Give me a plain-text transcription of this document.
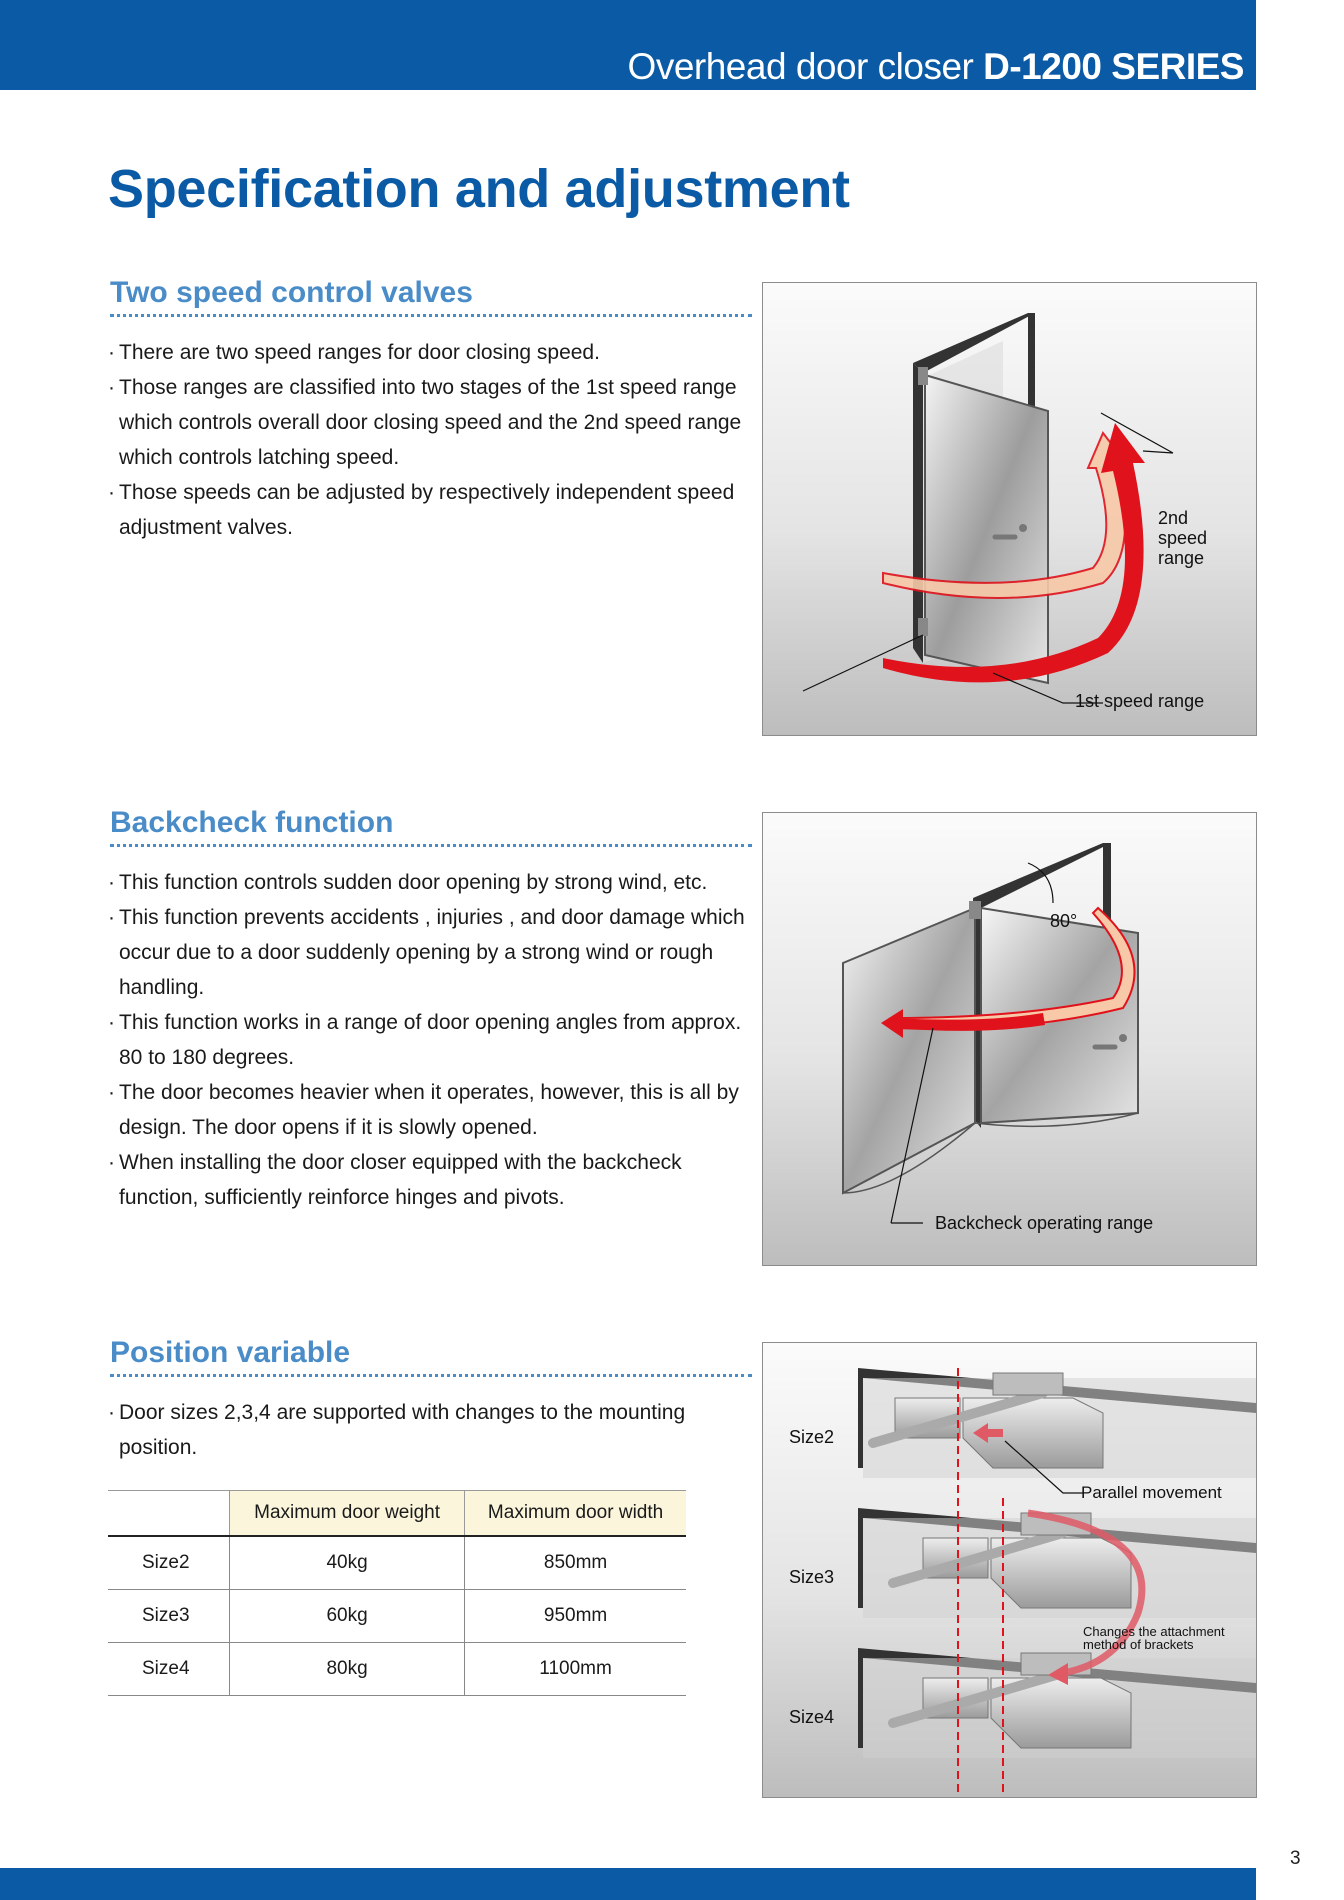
Overhead door closer D-1200 SERIES
Specification and adjustment
Two speed control valves
· There are two speed ranges for door closing speed.
· Those ranges are classified into two stages of the 1st speed range which controls overall door closing speed and the 2nd speed range which controls latching speed.
· Those speeds can be adjusted by respectively independent speed adjustment valves.	2nd
speed
range
1st speed range
Backcheck function
· This function controls sudden door opening by strong wind, etc.
· This function prevents accidents , injuries , and door damage which occur due to a door suddenly opening by a strong wind or rough handling.
· This function works in a range of door opening angles from approx. 80 to 180 degrees.
· The door becomes heavier when it operates, however, this is all by design. The door opens if it is slowly opened.
· When installing the door closer equipped with the backcheck function, sufficiently reinforce hinges and pivots.
80°
Backcheck operating range
Position variable
· Door sizes 2,3,4 are supported with changes to the mounting position.
	Maximum door weight	Maximum door width
Size2	40kg	850mm
Size3	60kg	950mm
Size4	80kg	1100mm
Size2
Size3
Size4
Parallel movement
Changes the attachment
method of brackets
3
